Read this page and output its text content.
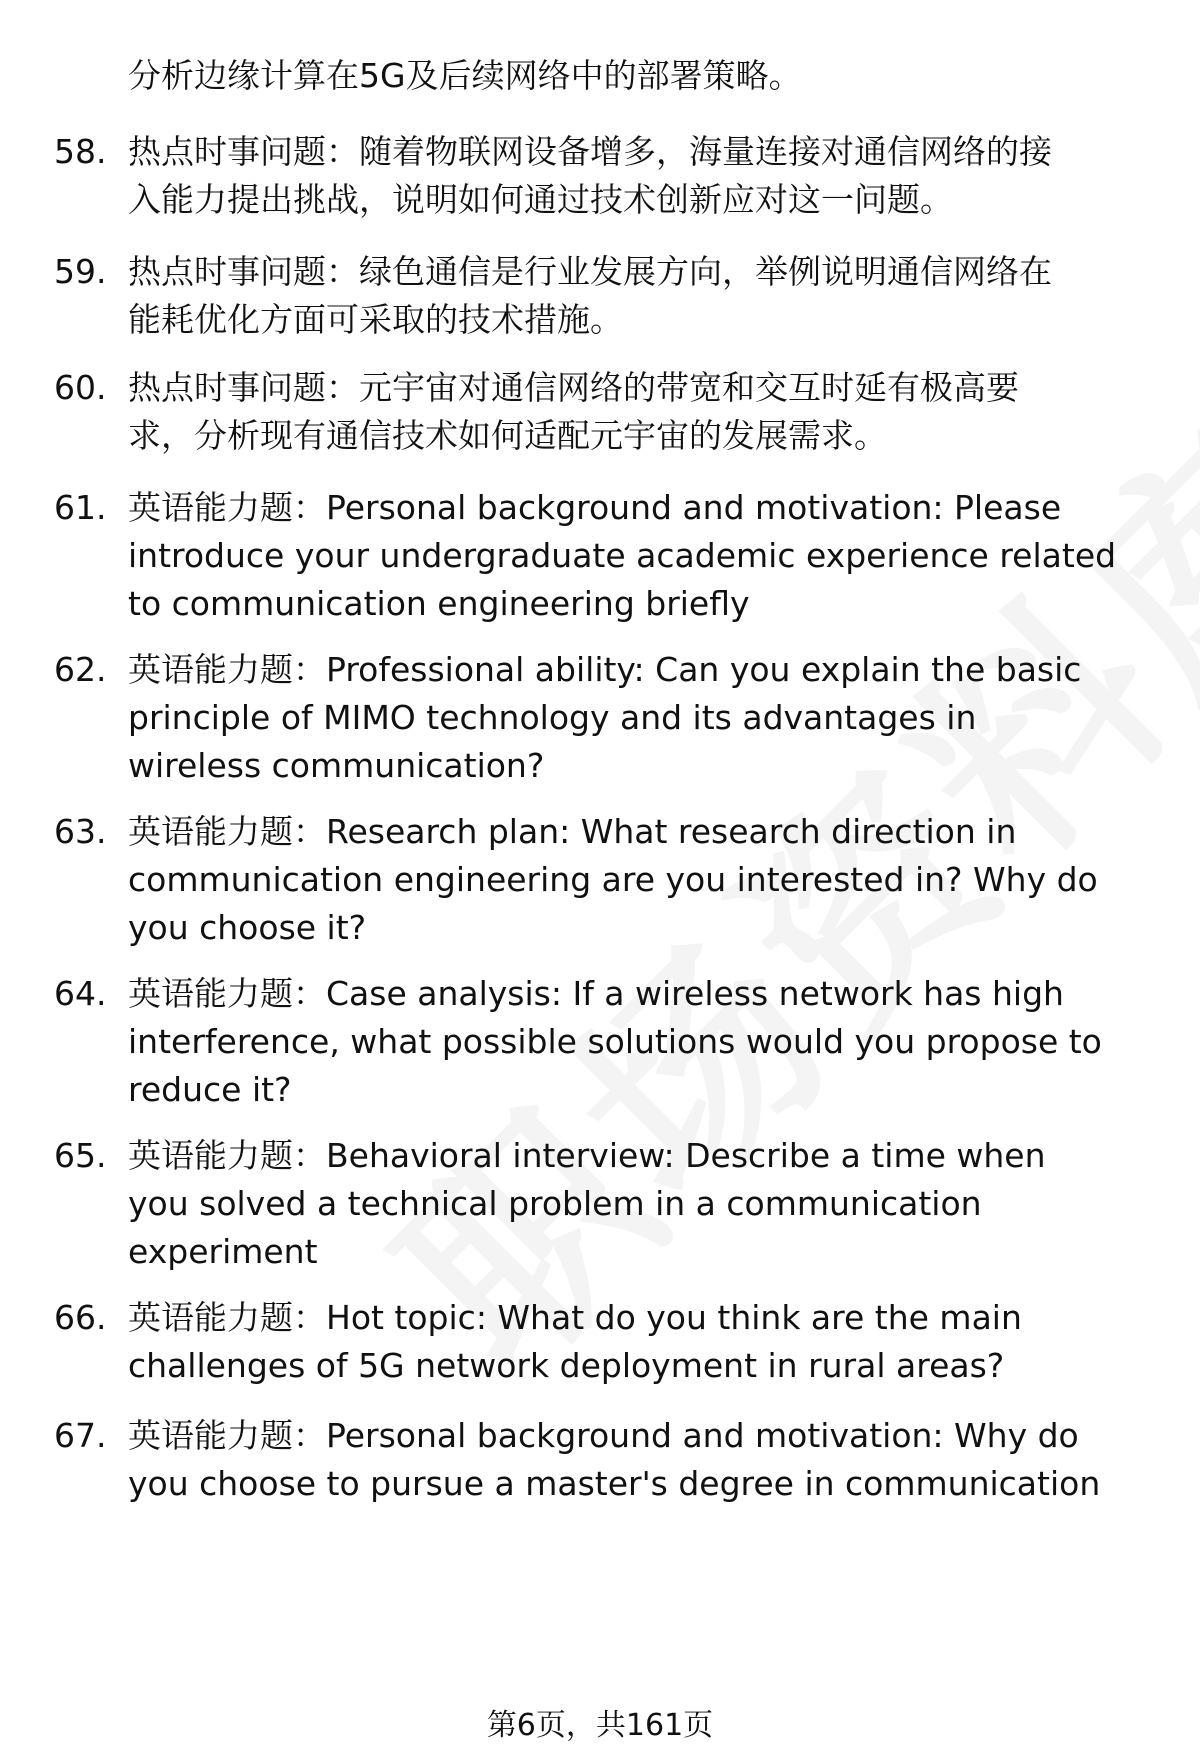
分析边缘计算在5G及后续网络中的部署策略。
58. 热点时事问题：随着物联网设备增多，海量连接对通信网络的接
入能力提出挑战，说明如何通过技术创新应对这一问题。
59. 热点时事问题：绿色通信是行业发展方向，举例说明通信网络在
能耗优化方面可采取的技术措施。
60. 热点时事问题：元宇宙对通信网络的带宽和交互时延有极高要
求，分析现有通信技术如何适配元宇宙的发展需求。
61. 英语能力题：Personal background and motivation: Please
introduce your undergraduate academic experience related
to communication engineering briefly
62. 英语能力题：Professional ability: Can you explain the basic
principle of MIMO technology and its advantages in
wireless communication?
63. 英语能力题：Research plan: What research direction in
communication engineering are you interested in? Why do
you choose it?
64. 英语能力题：Case analysis: If a wireless network has high
interference, what possible solutions would you propose to
reduce it?
65. 英语能力题：Behavioral interview: Describe a time when
you solved a technical problem in a communication
experiment
66. 英语能力题：Hot topic: What do you think are the main
challenges of 5G network deployment in rural areas?
67. 英语能力题：Personal background and motivation: Why do
you choose to pursue a master's degree in communication
第6页，共161页
